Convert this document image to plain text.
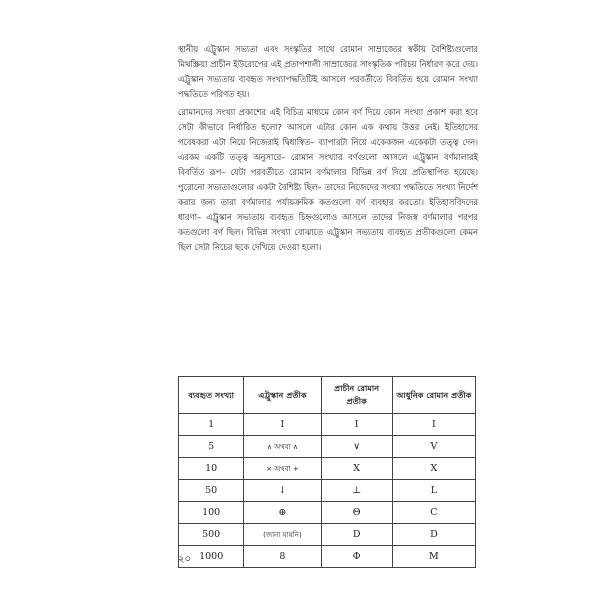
স্থানীয় এট্রুস্কান সভ্যতা এবং সংস্কৃতির সাথে রোমান সাম্রাজ্যের স্বকীয় বৈশিষ্ট্যগুলোর মিথস্ক্রিয়া প্রাচীন ইউরোপের এই প্রতাপশালী সাম্রাজ্যের সাংস্কৃতিক পরিচয় নির্ধারণ করে দেয়। এট্রুস্কান সভ্যতায় ব্যবহৃত সংখ্যাপদ্ধতিটিই আসলে পরবর্তীতে বিবর্তিত হয়ে রোমান সংখ্যা পদ্ধতিতে পরিণত হয়।

রোমানদের সংখ্যা প্রকাশের এই বিচিত্র মাধ্যমে কোন বর্ণ দিয়ে কোন সংখ্যা প্রকাশ করা হবে সেটা কীভাবে নির্ধারিত হলো? আসলে এটার কোন এক কথায় উত্তর নেই। ইতিহাসের গবেষকরা এটা নিয়ে নিজেরাই দ্বিধাস্বিত– ব্যাপারটা নিয়ে একেকজন একেকটা তত্ত্ব দেন। এরকম একটি তত্ত্ব অনুসারে– রোমান সংখ্যার বর্ণগুলো আসলে এট্রুস্কান বর্ণমালারই বিবর্তিত রূপ– যেটা পরবর্তীতে রোমান বর্ণমালার বিভিন্ন বর্ণ দিয়ে প্রতিস্থাপিত হয়েছে। পুরোনো সভ্যতাগুলোর একটা বৈশিষ্ট্য ছিল– তাদের নিজেদের সংখ্যা পদ্ধতিতে সংখ্যা নির্দেশ করার জন্য তারা বর্ণমালার পর্যায়ক্রমিক কতগুলো বর্ণ ব্যবহার করতো। ইতিহাসবিদদের ধারণা– এট্রুস্কান সভ্যতায় ব্যবহৃত চিহ্নগুলোও আসলে তাদের নিজস্ব বর্ণমালার পরপর কতগুলো বর্ণ ছিল। বিভিন্ন সংখ্যা বোঝাতে এট্রুস্কান সভ্যতায় ব্যবহৃত প্রতীকগুলো কেমন ছিল সেটা নিচের ছকে দেখিয়ে দেওয়া হলো।

ব্যবহৃত সংখ্যা	এট্রুস্কান প্রতীক	প্রাচীন রোমান প্রতীক	আধুনিক রোমান প্রতীক
1	I	I	I
5	∧ অথবা ∧	∨	V
10	× অথবা +	X	X
50	↓	⊥	L
100	⊕	Θ	C
500	(জানা যায়নি)	D	D
1000	8	Φ	M
২০
